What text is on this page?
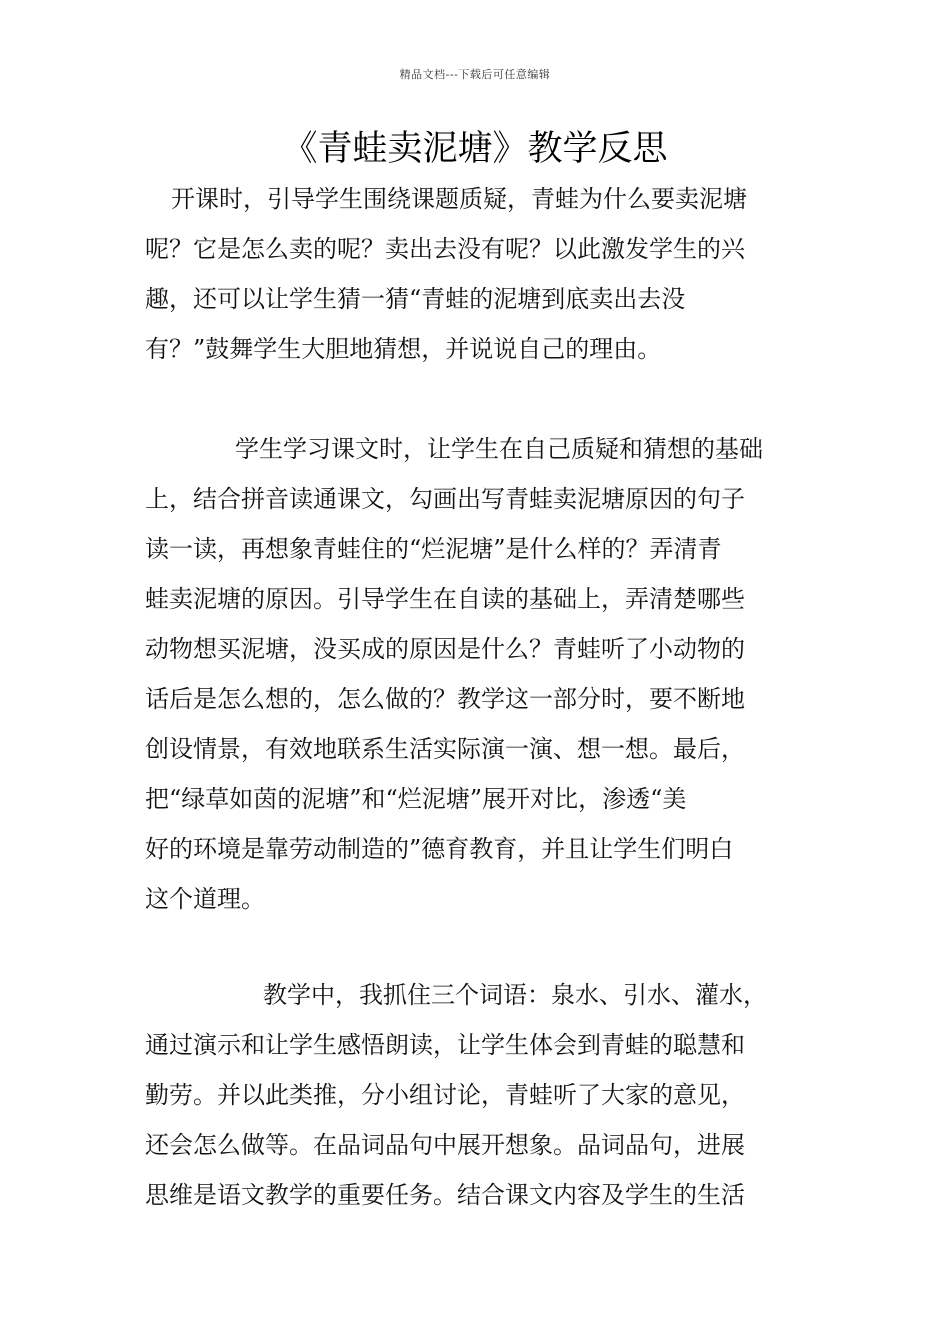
精品文档---下载后可任意编辑
《青蛙卖泥塘》教学反思
开课时，引导学生围绕课题质疑，青蛙为什么要卖泥塘
呢？它是怎么卖的呢？卖出去没有呢？以此激发学生的兴
趣，还可以让学生猜一猜“青蛙的泥塘到底卖出去没
有？”鼓舞学生大胆地猜想，并说说自己的理由。
学生学习课文时，让学生在自己质疑和猜想的基础
上，结合拼音读通课文，勾画出写青蛙卖泥塘原因的句子
读一读，再想象青蛙住的“烂泥塘”是什么样的？弄清青
蛙卖泥塘的原因。引导学生在自读的基础上，弄清楚哪些
动物想买泥塘，没买成的原因是什么？青蛙听了小动物的
话后是怎么想的，怎么做的？教学这一部分时，要不断地
创设情景，有效地联系生活实际演一演、想一想。最后，
把“绿草如茵的泥塘”和“烂泥塘”展开对比，渗透“美
好的环境是靠劳动制造的”德育教育，并且让学生们明白
这个道理。
教学中，我抓住三个词语：泉水、引水、灌水，
通过演示和让学生感悟朗读，让学生体会到青蛙的聪慧和
勤劳。并以此类推，分小组讨论，青蛙听了大家的意见，
还会怎么做等。在品词品句中展开想象。品词品句，进展
思维是语文教学的重要任务。结合课文内容及学生的生活
